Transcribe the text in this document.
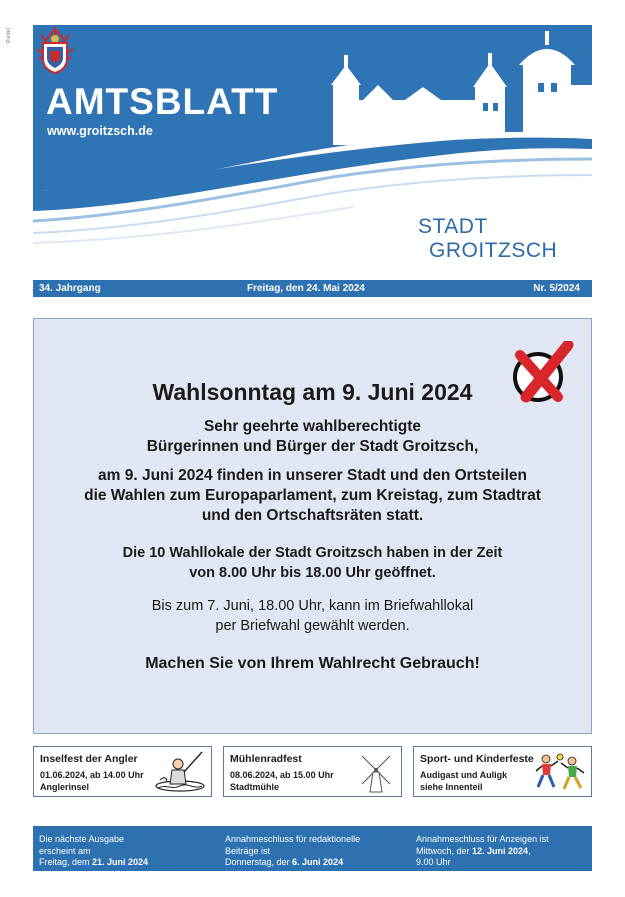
Riedel
AMTSBLATT
www.groitzsch.de
STADT
GROITZSCH
34. Jahrgang	Freitag, den 24. Mai 2024	Nr. 5/2024

Wahlsonntag am 9. Juni 2024

Sehr geehrte wahlberechtigte
Bürgerinnen und Bürger der Stadt Groitzsch,

am 9. Juni 2024 finden in unserer Stadt und den Ortsteilen
die Wahlen zum Europaparlament, zum Kreistag, zum Stadtrat
und den Ortschaftsräten statt.

Die 10 Wahllokale der Stadt Groitzsch haben in der Zeit
von 8.00 Uhr bis 18.00 Uhr geöffnet.

Bis zum 7. Juni, 18.00 Uhr, kann im Briefwahllokal
per Briefwahl gewählt werden.

Machen Sie von Ihrem Wahlrecht Gebrauch!

Inselfest der Angler
01.06.2024, ab 14.00 Uhr
Anglerinsel
Mühlenradfest
08.06.2024, ab 15.00 Uhr
Stadtmühle
Sport- und Kinderfeste
Audigast und Auligk
siehe Innenteil
Die nächste Ausgabe
erscheint am
Freitag, dem 21. Juni 2024
Annahmeschluss für redaktionelle
Beiträge ist
Donnerstag, der 6. Juni 2024
Annahmeschluss für Anzeigen ist
Mittwoch, der 12. Juni 2024,
9.00 Uhr
